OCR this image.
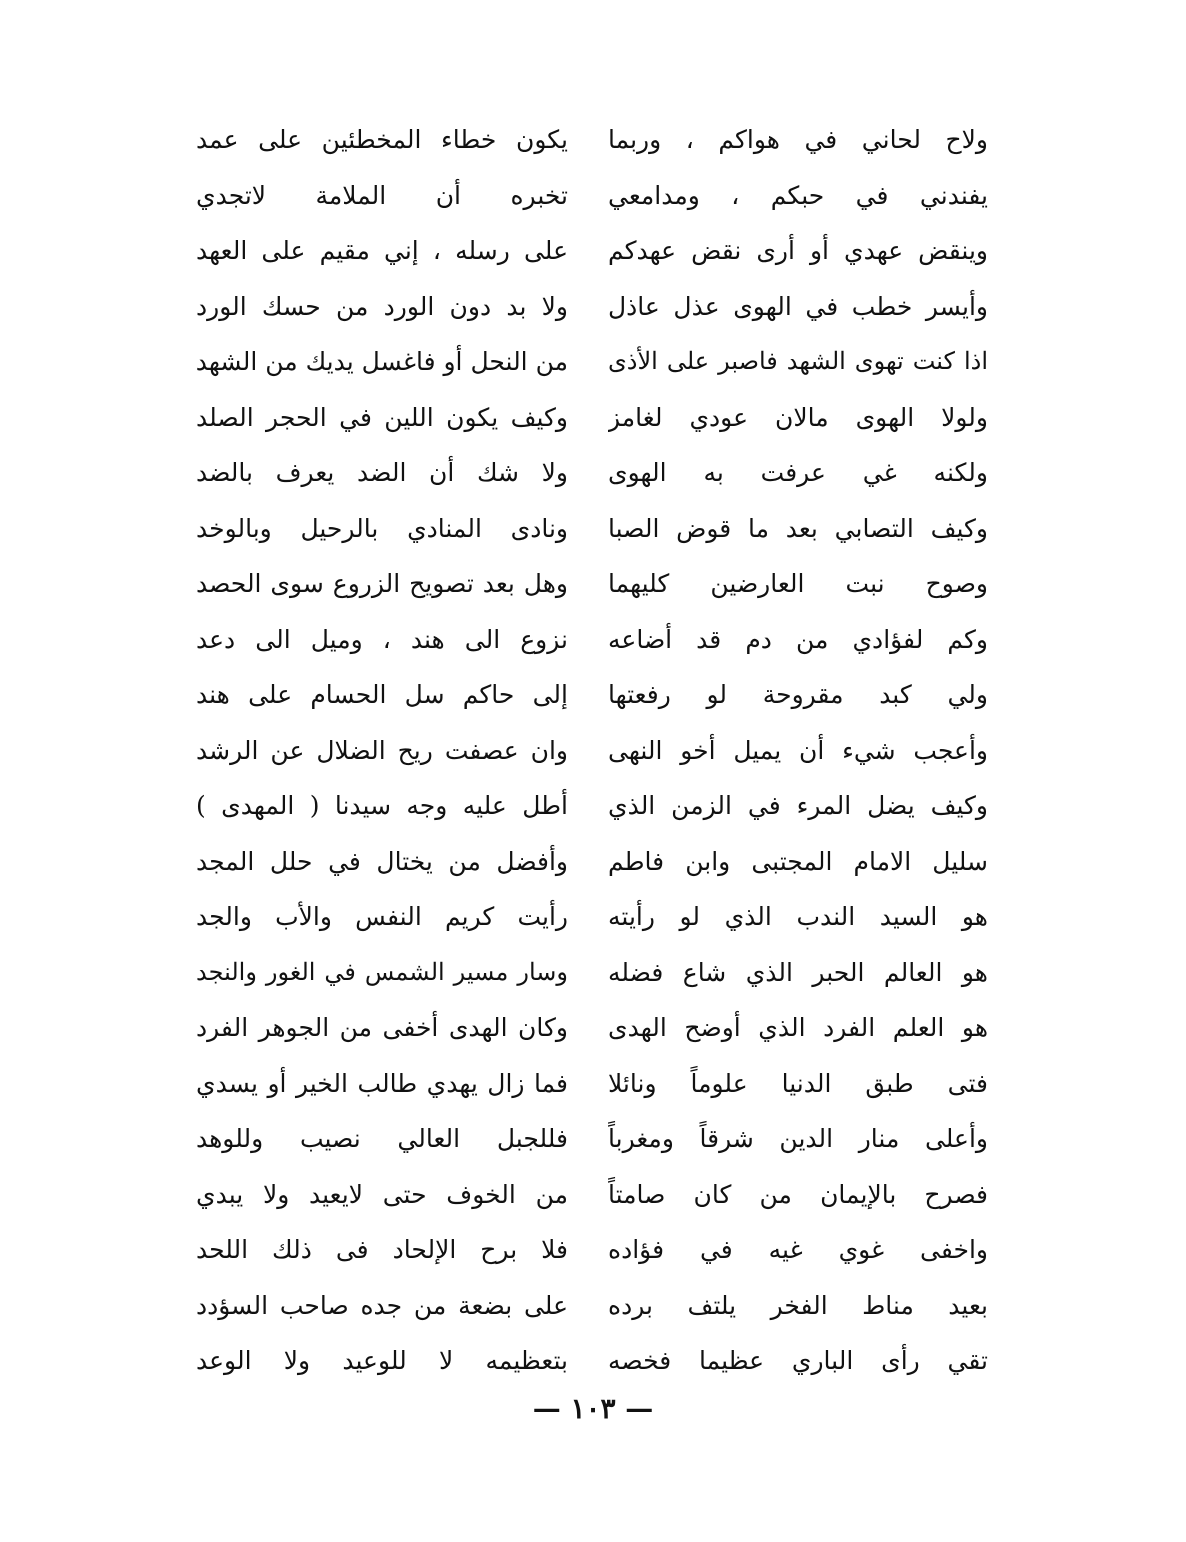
ولاح لحاني في هواكم ، وربما
يفندني في حبكم ، ومدامعي
وينقض عهدي أو أرى نقض عهدكم
وأيسر خطب في الهوى عذل عاذل
اذا كنت تهوى الشهد فاصبر على الأذى
ولولا الهوى مالان عودي لغامز
ولكنه غي عرفت به الهوى
وكيف التصابي بعد ما قوض الصبا
وصوح نبت العارضين كليهما
وكم لفؤادي من دم قد أضاعه
ولي كبد مقروحة لو رفعتها
وأعجب شيء أن يميل أخو النهى
وكيف يضل المرء في الزمن الذي
سليل الامام المجتبى وابن فاطم
هو السيد الندب الذي لو رأيته
هو العالم الحبر الذي شاع فضله
هو العلم الفرد الذي أوضح الهدى
فتى طبق الدنيا علوماً ونائلا
وأعلى منار الدين شرقاً ومغرباً
فصرح بالإيمان من كان صامتاً
واخفى غوي غيه في فؤاده
بعيد مناط الفخر يلتف برده
تقي رأى الباري عظيما فخصه
يكون خطاء المخطئين على عمد
تخبره أن الملامة لاتجدي
على رسله ، إني مقيم على العهد
ولا بد دون الورد من حسك الورد
من النحل أو فاغسل يديك من الشهد
وكيف يكون اللين في الحجر الصلد
ولا شك أن الضد يعرف بالضد
ونادى المنادي بالرحيل وبالوخد
وهل بعد تصويح الزروع سوى الحصد
نزوع الى هند ، وميل الى دعد
إلى حاكم سل الحسام على هند
وان عصفت ريح الضلال عن الرشد
أطل عليه وجه سيدنا ( المهدى )
وأفضل من يختال في حلل المجد
رأيت كريم النفس والأب والجد
وسار مسير الشمس في الغور والنجد
وكان الهدى أخفى من الجوهر الفرد
فما زال يهدي طالب الخير أو يسدي
فللجبل العالي نصيب وللوهد
من الخوف حتى لايعيد ولا يبدي
فلا برح الإلحاد فى ذلك اللحد
على بضعة من جده صاحب السؤدد
بتعظيمه لا للوعيد ولا الوعد
— ١٠٣ —
